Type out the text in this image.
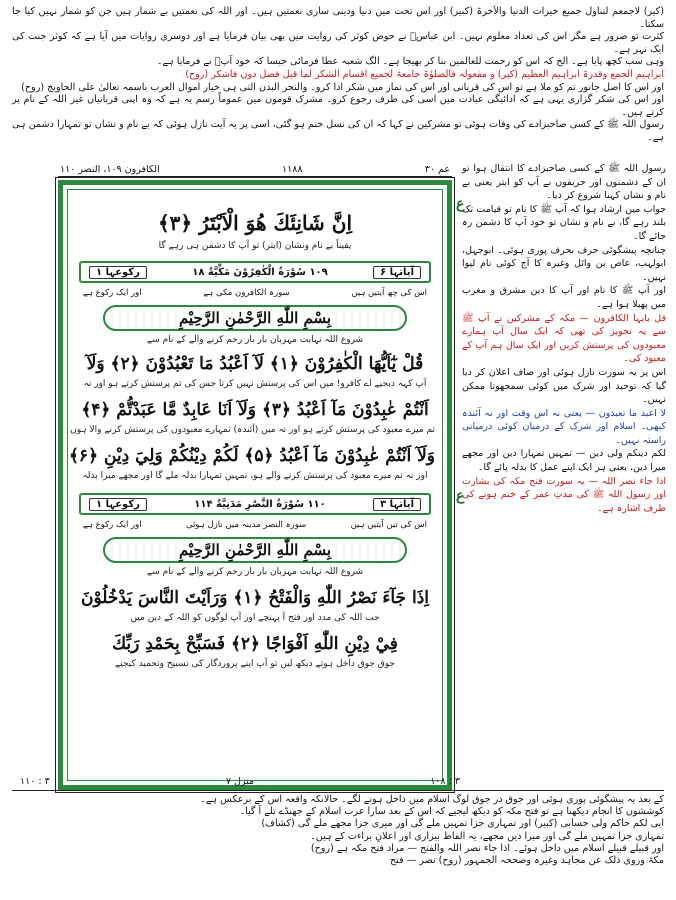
(کیر) لاجمعم لتناول جمیع خیرات الدنیا والآخرۃ (کبیر) اور اس تحت میں دنیا ودینی ساری نعمتیں ہیں۔ اور اللہ کی نعمتیں بے شمار ہیں جن کو شمار نہیں کیا جا سکتا۔

کثرت تو ضرور ہے مگر اس کی تعداد معلوم نہیں۔ ابن عباسؓ نے حوض کوثر کی روایت میں بھی بیان فرمایا ہے اور دوسری روایات میں آیا ہے کہ کوثر جنت کی ایک نہر ہے۔

وہی سب کچھ پایا ہے۔ الخ کہ اس کو رحمت للعالمین بنا کر بھیجا ہے۔ الگ شعبہ عطا فرمائی جیسا کہ خود آپؐ نے فرمایا ہے۔

ابراہیم الجمع وقدرۃ ابراہیم العظیم (کیر) و مفعولہ فالصلوٰۃ جامعۃ لجمیع اقسام الشکر لما قیل فصل دون فاشکر (روح)

اور اس کا اصل جانور تم کو ملا ہے تو اس کی قربانی اور اس کی نماز میں شکر ادا کرو۔ والنحر البدن التی ہی خیار اموال العرب باسمہ تعالیٰ علی الحاویج (روح)

اور اس کی شکر گزاری یہی ہے کہ ادائیگی عبادت میں اسی کی طرف رجوع کرو۔ مشرک قوموں میں عموماً رسم یہ ہے کہ وہ اپنی قربانیاں غیر اللہ کے نام پر کرتے ہیں۔

رسول اللہ ﷺ کے کسی صاحبزادے کی وفات ہوئی تو مشرکین نے کہا کہ ان کی نسل ختم ہو گئی، اسی پر یہ آیت نازل ہوئی کہ بے نام و نشان تو تمہارا دشمن ہی ہے۔

عم ۳۰
۱۱۸۸
الکافرون ۱۰۹، النصر ۱۱۰
اِنَّ شَانِئَكَ هُوَ الْاَبْتَرُ ﴿۳﴾
یقیناً بے نام ونشان (ابتر) تو آپ کا دشمن ہی رہے گا
آیاتہا ۶
۱۰۹ سُوْرَةُ الْكٰفِرُوْنَ مَكِّيَّةٌ ۱۸
رکوعہا ۱
اس کی چھ آیتیں ہیں
سورہ الکافرون مکی ہے
اور ایک رکوع ہے
بِسْمِ اللّٰهِ الرَّحْمٰنِ الرَّحِيْمِ
شروع اللہ نہایت مہربان بار بار رحم کرنے والے کے نام سے
قُلْ يٰٓاَيُّهَا الْكٰفِرُوْنَ ﴿۱﴾ لَآ اَعْبُدُ مَا تَعْبُدُوْنَ ﴿۲﴾ وَلَآ
آپ کہہ دیجیے اے کافرو! میں اس کی پرستش نہیں کرتا جس کی تم پرستش کرتے ہو اور نہ
اَنْتُمْ عٰبِدُوْنَ مَآ اَعْبُدُ ﴿۳﴾ وَلَآ اَنَا عَابِدٌ مَّا عَبَدْتُّمْ ﴿۴﴾
تم میرے معبود کی پرستش کرتے ہو اور نہ میں (آئندہ) تمہارے معبودوں کی پرستش کرنے والا ہوں
وَلَآ اَنْتُمْ عٰبِدُوْنَ مَآ اَعْبُدُ ﴿۵﴾ لَكُمْ دِيْنُكُمْ وَلِيَ دِيْنِ ﴿۶﴾
اور نہ تم میرے معبود کی پرستش کرنے والے ہو، تمہیں تمہارا بدلہ ملے گا اور مجھے میرا بدلہ
آیاتہا ۳
۱۱۰ سُوْرَةُ النَّصْرِ مَدَنِيَّةٌ ۱۱۴
رکوعہا ۱
اس کی تین آیتیں ہیں
سورہ النصر مدینہ میں نازل ہوئی
اور ایک رکوع ہے
بِسْمِ اللّٰهِ الرَّحْمٰنِ الرَّحِيْمِ
شروع اللہ نہایت مہربان بار بار رحم کرنے والے کے نام سے
اِذَا جَآءَ نَصْرُ اللّٰهِ وَالْفَتْحُ ﴿۱﴾ وَرَاَيْتَ النَّاسَ يَدْخُلُوْنَ
جب اللہ کی مدد اور فتح آ پہنچے اور آپ لوگوں کو اللہ کے دین میں
فِيْ دِيْنِ اللّٰهِ اَفْوَاجًا ﴿۲﴾ فَسَبِّحْ بِحَمْدِ رَبِّكَ
جوق جوق داخل ہوتے دیکھ لیں تو آپ اپنے پروردگار کی تسبیح وتحمید کیجیے

رسول اللہ ﷺ کے کسی صاحبزادے کا انتقال ہوا تو ان کے دشمنوں اور حریفوں نے آپ کو ابتر یعنی بے نام و نشان کہنا شروع کر دیا۔

جواب میں ارشاد ہوا کہ آپ ﷺ کا نام تو قیامت تک بلند رہے گا، بے نام و نشان تو خود آپ کا دشمن رہ جائے گا۔

چنانچہ پیشگوئی حرف بحرف پوری ہوئی۔ ابوجہل، ابولہب، عاص بن وائل وغیرہ کا آج کوئی نام لیوا نہیں۔

اور آپ ﷺ کا نام اور آپ کا دین مشرق و مغرب میں پھیلا ہوا ہے۔

قل یایہا الکافرون — مکہ کے مشرکین نے آپ ﷺ سے یہ تجویز کی تھی کہ ایک سال آپ ہمارے معبودوں کی پرستش کریں اور ایک سال ہم آپ کے معبود کی۔

اس پر یہ سورت نازل ہوئی اور صاف اعلان کر دیا گیا کہ توحید اور شرک میں کوئی سمجھوتا ممکن نہیں۔

لا اعبد ما تعبدون — یعنی نہ اس وقت اور نہ آئندہ کبھی۔ اسلام اور شرک کے درمیان کوئی درمیانی راستہ نہیں۔

لکم دینکم ولی دین — تمہیں تمہارا دین اور مجھے میرا دین، یعنی ہر ایک اپنے عمل کا بدلہ پائے گا۔

اذا جاء نصر اللہ — یہ سورت فتح مکہ کی بشارت اور رسول اللہ ﷺ کی مدتِ عمر کے ختم ہونے کی طرف اشارہ ہے۔

ع
ع
۳ : ۱۰۸
منزل ۷
۳ : ۱۱۰

کے بعد یہ پیشگوئی پوری ہوئی اور جوق در جوق لوگ اسلام میں داخل ہونے لگے۔ حالانکہ واقعہ اس کے برعکس ہے۔

کوششوں کا انجام دیکھنا ہے تو فتح مکہ کو دیکھ لیجیے کہ اس کے بعد سارا عرب اسلام کے جھنڈے تلے آ گیا۔

ابی لکم حاکم ولی حسابی (کبیر) اور تمہاری جزا تمہیں ملے گی اور میری جزا مجھے ملے گی (کشاف)

تمہاری جزا تمہیں ملے گی اور میرا دین مجھے، یہ الفاظ بیزاری اور اعلانِ براءت کے ہیں۔

اور قبیلے قبیلے اسلام میں داخل ہوئے۔ اذا جاء نصر اللہ والفتح — مراد فتح مکہ ہے (روح)

مکۃ وروی ذلک عن مجاہد وغیرہ وصححہ الجمہور (روح) نصر — فتح
